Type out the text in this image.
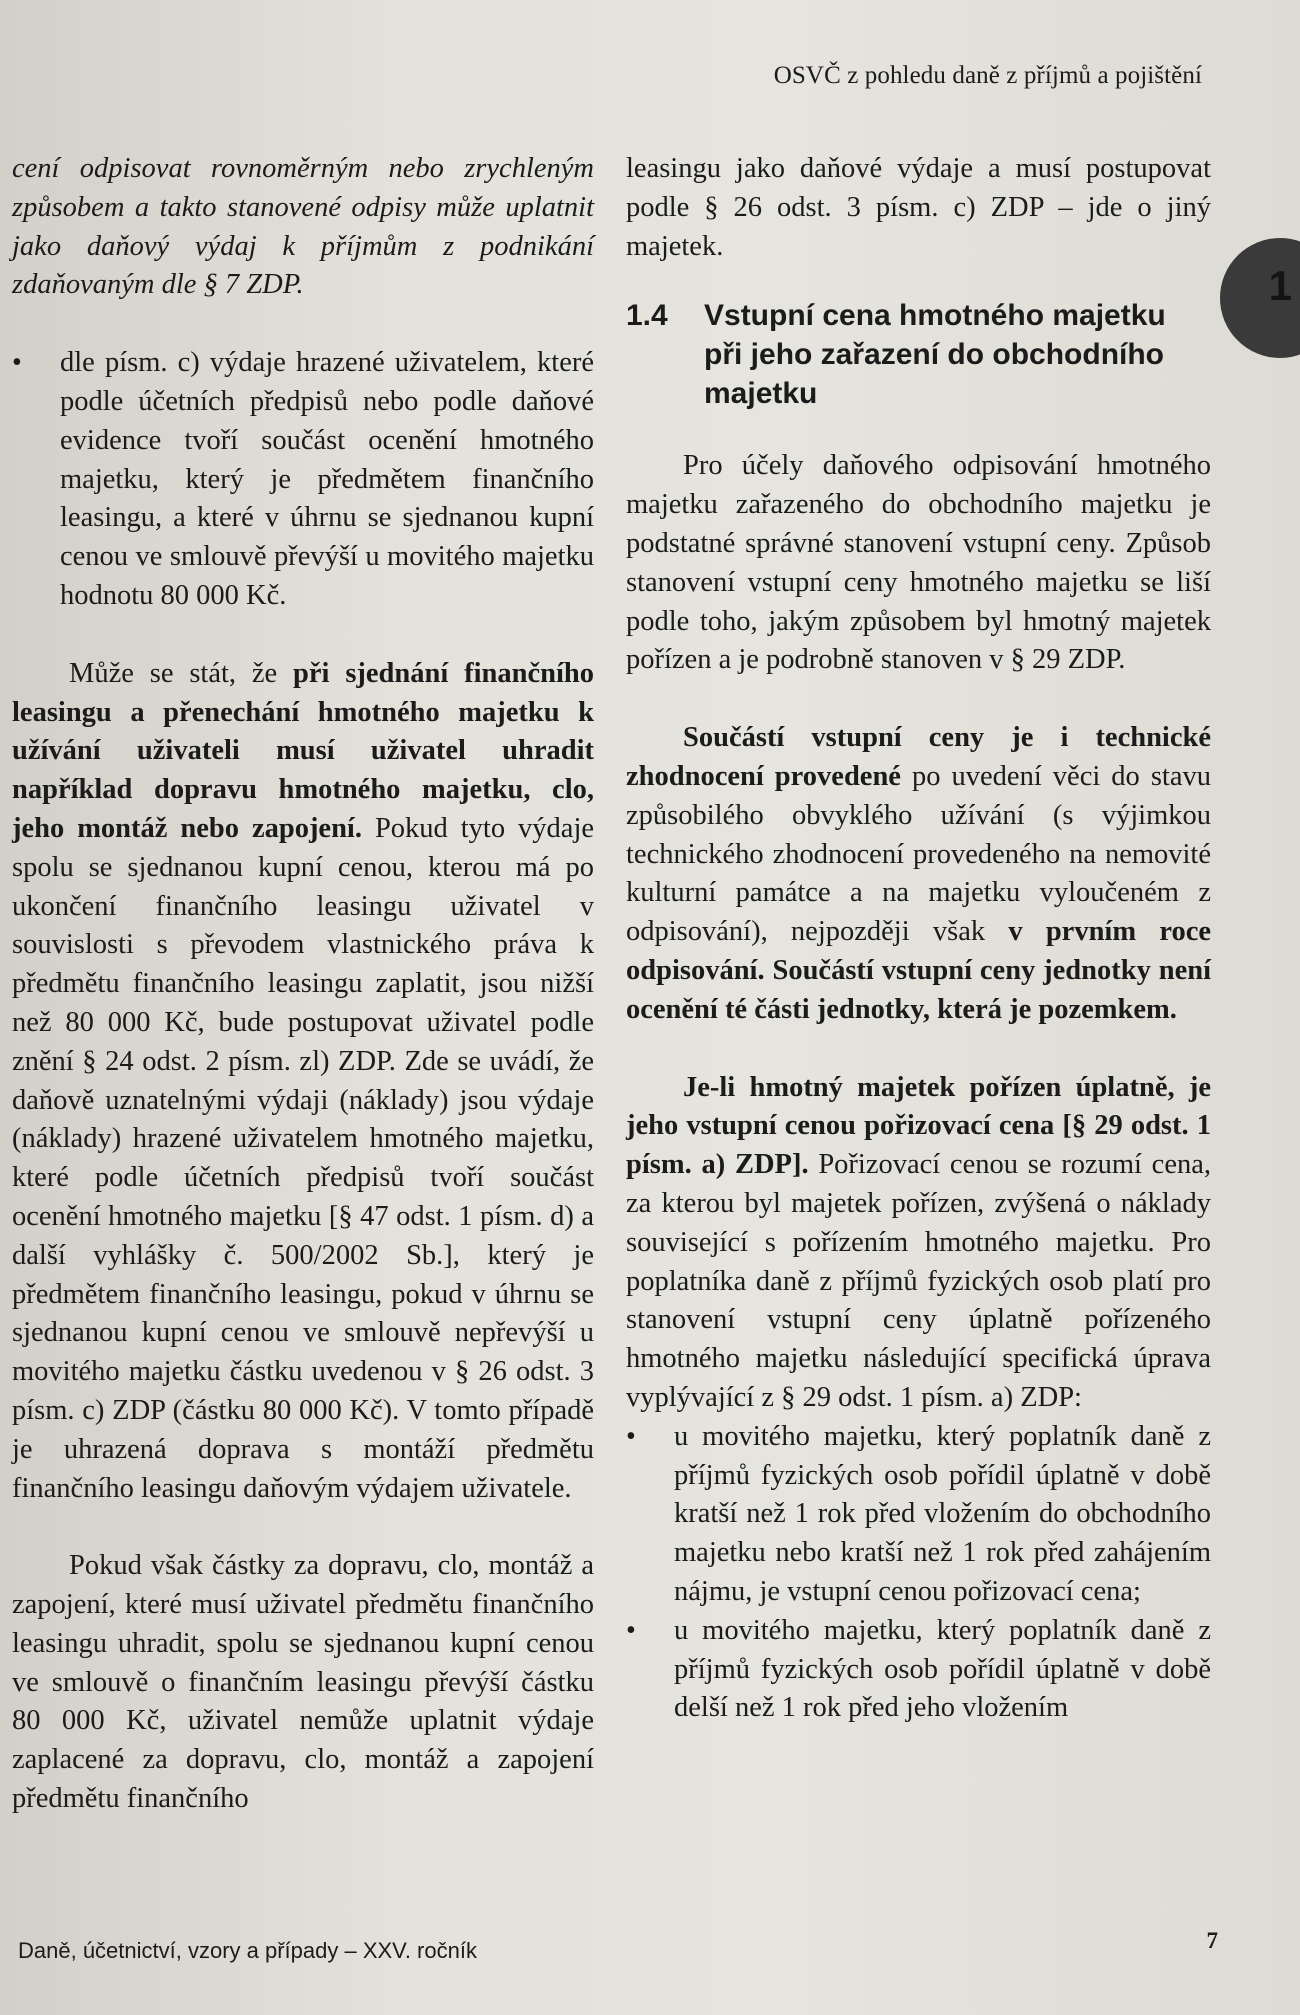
OSVČ z pohledu daně z příjmů a pojištění
1

cení odpisovat rovnoměrným nebo zrychleným způsobem a takto stanovené odpisy může uplatnit jako daňový výdaj k příjmům z podnikání zdaňovaným dle § 7 ZDP.

• dle písm. c) výdaje hrazené uživatelem, které podle účetních předpisů nebo podle daňové evidence tvoří součást ocenění hmotného majetku, který je předmětem finančního leasingu, a které v úhrnu se sjednanou kupní cenou ve smlouvě převýší u movitého majetku hodnotu 80 000 Kč.

Může se stát, že při sjednání finančního leasingu a přenechání hmotného majetku k užívání uživateli musí uživatel uhradit například dopravu hmotného majetku, clo, jeho montáž nebo zapojení. Pokud tyto výdaje spolu se sjednanou kupní cenou, kterou má po ukončení finančního leasingu uživatel v souvislosti s převodem vlastnického práva k předmětu finančního leasingu zaplatit, jsou nižší než 80 000 Kč, bude postupovat uživatel podle znění § 24 odst. 2 písm. zl) ZDP. Zde se uvádí, že daňově uznatelnými výdaji (náklady) jsou výdaje (náklady) hrazené uživatelem hmotného majetku, které podle účetních předpisů tvoří součást ocenění hmotného majetku [§ 47 odst. 1 písm. d) a další vyhlášky č. 500/2002 Sb.], který je předmětem finančního leasingu, pokud v úhrnu se sjednanou kupní cenou ve smlouvě nepřevýší u movitého majetku částku uvedenou v § 26 odst. 3 písm. c) ZDP (částku 80 000 Kč). V tomto případě je uhrazená doprava s montáží předmětu finančního leasingu daňovým výdajem uživatele.

Pokud však částky za dopravu, clo, montáž a zapojení, které musí uživatel předmětu finančního leasingu uhradit, spolu se sjednanou kupní cenou ve smlouvě o finančním leasingu převýší částku 80 000 Kč, uživatel nemůže uplatnit výdaje zaplacené za dopravu, clo, montáž a zapojení předmětu finančního

leasingu jako daňové výdaje a musí postupovat podle § 26 odst. 3 písm. c) ZDP – jde o jiný majetek.

1.4	Vstupní cena hmotného majetku při jeho zařazení do obchodního majetku

Pro účely daňového odpisování hmotného majetku zařazeného do obchodního majetku je podstatné správné stanovení vstupní ceny. Způsob stanovení vstupní ceny hmotného majetku se liší podle toho, jakým způsobem byl hmotný majetek pořízen a je podrobně stanoven v § 29 ZDP.

Součástí vstupní ceny je i technické zhodnocení provedené po uvedení věci do stavu způsobilého obvyklého užívání (s výjimkou technického zhodnocení provedeného na nemovité kulturní památce a na majetku vyloučeném z odpisování), nejpozději však v prvním roce odpisování. Součástí vstupní ceny jednotky není ocenění té části jednotky, která je pozemkem.

Je-li hmotný majetek pořízen úplatně, je jeho vstupní cenou pořizovací cena [§ 29 odst. 1 písm. a) ZDP]. Pořizovací cenou se rozumí cena, za kterou byl majetek pořízen, zvýšená o náklady související s pořízením hmotného majetku. Pro poplatníka daně z příjmů fyzických osob platí pro stanovení vstupní ceny úplatně pořízeného hmotného majetku následující specifická úprava vyplývající z § 29 odst. 1 písm. a) ZDP:

• u movitého majetku, který poplatník daně z příjmů fyzických osob pořídil úplatně v době kratší než 1 rok před vložením do obchodního majetku nebo kratší než 1 rok před zahájením nájmu, je vstupní cenou pořizovací cena;

• u movitého majetku, který poplatník daně z příjmů fyzických osob pořídil úplatně v době delší než 1 rok před jeho vložením

Daně, účetnictví, vzory a případy – XXV. ročník	7
